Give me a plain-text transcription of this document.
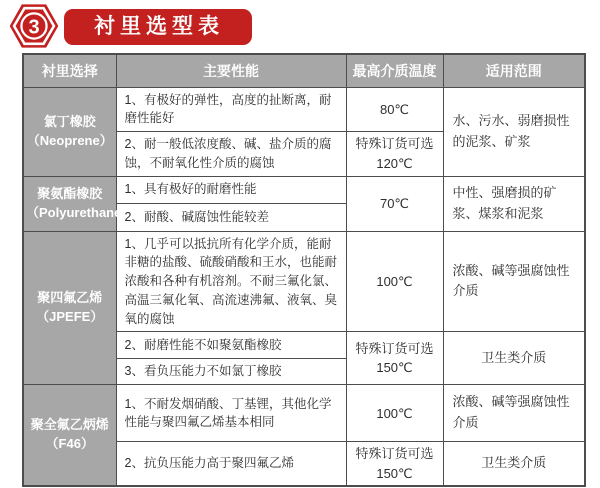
3	衬里选型表
衬里选择	主要性能	最高介质温度	适用范围
氯丁橡胶
（Neoprene）	1、有极好的弹性，高度的扯断离，耐磨性能好	80℃	水、污水、弱磨损性的泥浆、矿浆
	2、耐一般低浓度酸、碱、盐介质的腐蚀，不耐氧化性介质的腐蚀	特殊订货可选120℃	
聚氨酯橡胶
（Polyurethane）	1、具有极好的耐磨性能	70℃	中性、强磨损的矿浆、煤浆和泥浆
	2、耐酸、碱腐蚀性能较差		
聚四氟乙烯
（JPEFE）	1、几乎可以抵抗所有化学介质，能耐非糖的盐酸、硫酸硝酸和王水，也能耐浓酸和各种有机溶剂。不耐三氟化氯、高温三氟化氧、高流速沸氟、液氧、臭氧的腐蚀	100℃	浓酸、碱等强腐蚀性介质
	2、耐磨性能不如聚氨酯橡胶	特殊订货可选150℃	卫生类介质
	3、看负压能力不如氯丁橡胶		
聚全氟乙炳烯
（F46）	1、不耐发烟硝酸、丁基锂，其他化学性能与聚四氟乙烯基本相同	100℃	浓酸、碱等强腐蚀性介质
	2、抗负压能力高于聚四氟乙烯	特殊订货可选150℃	卫生类介质
